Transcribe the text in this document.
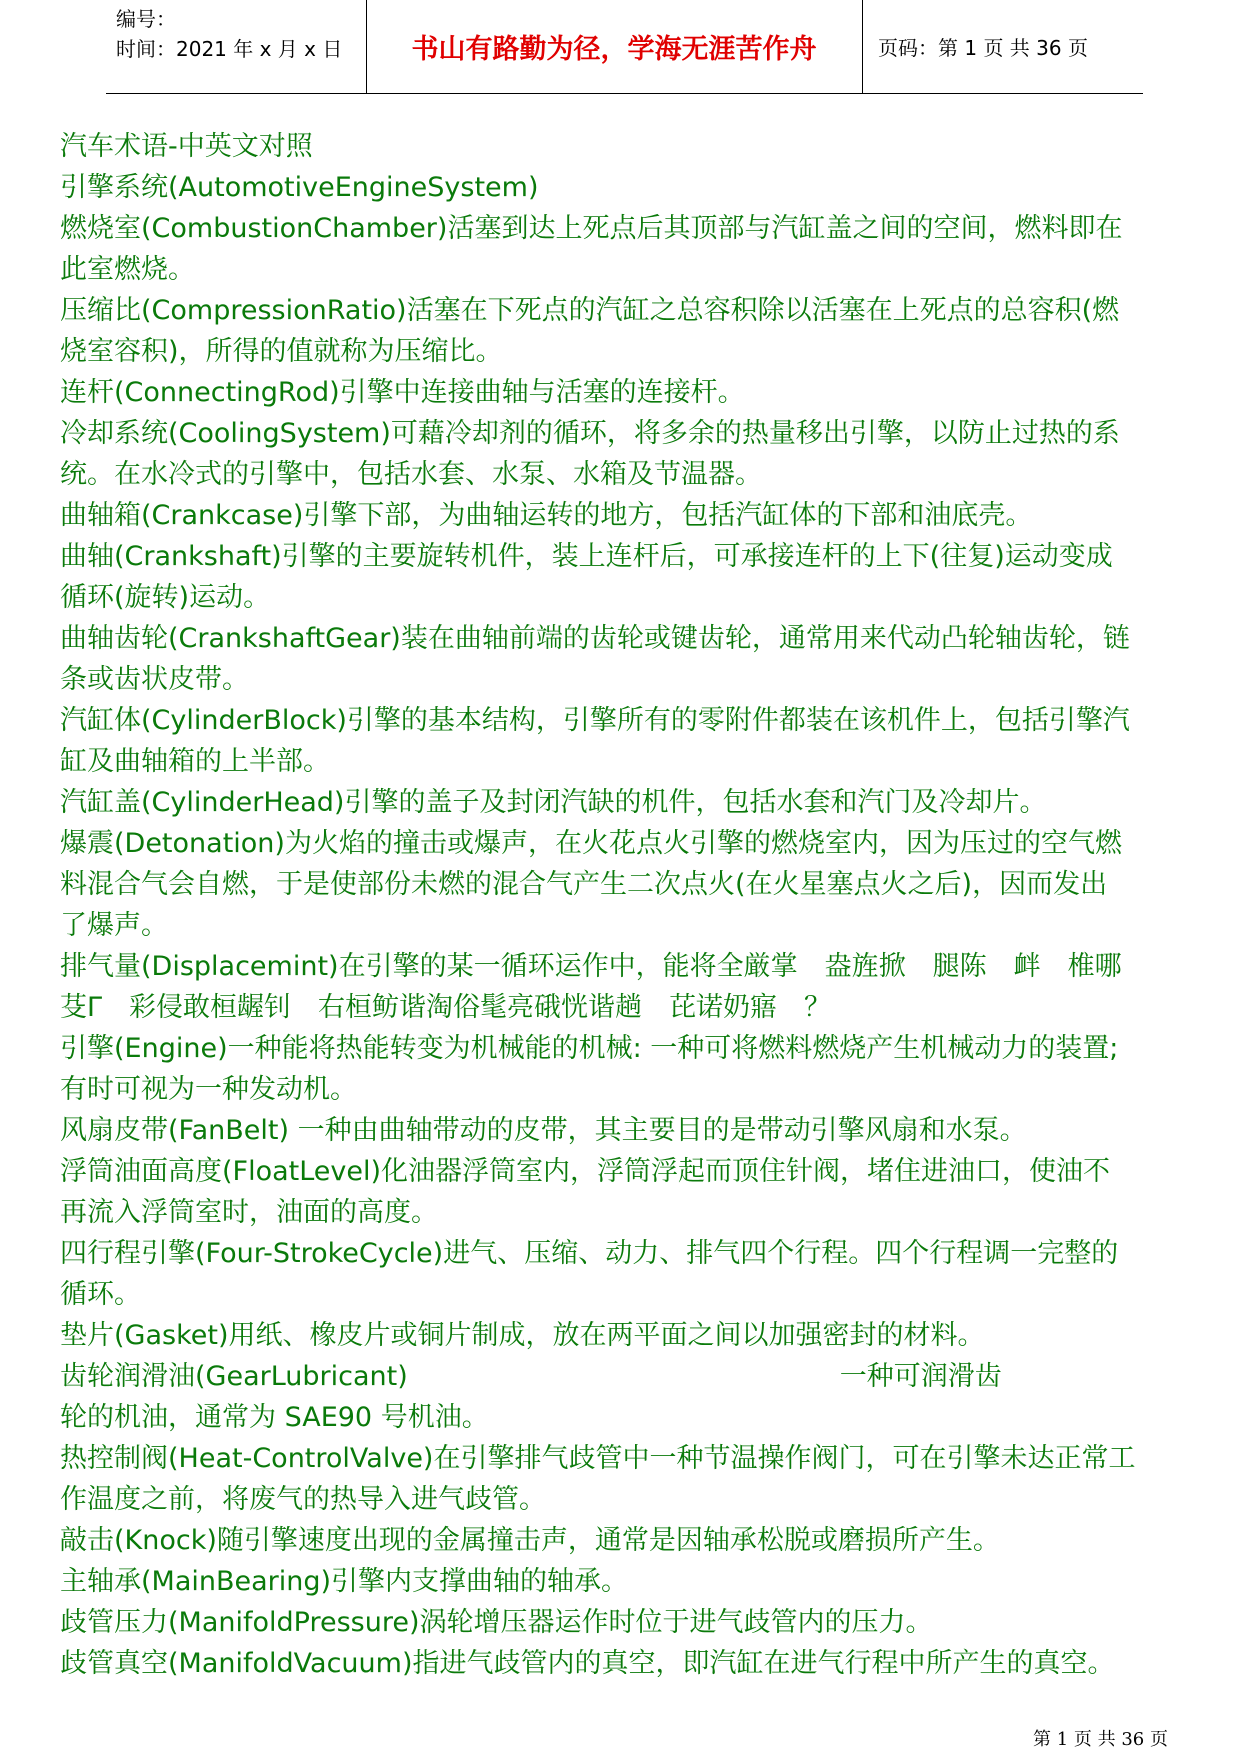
编号：
时间：2021 年 x 月 x 日	书山有路勤为径，学海无涯苦作舟	页码：第 1 页 共 36 页

汽车术语-中英文对照

引擎系统(AutomotiveEngineSystem)

燃烧室(CombustionChamber)活塞到达上死点后其顶部与汽缸盖之间的空间，燃料即在

此室燃烧。

压缩比(CompressionRatio)活塞在下死点的汽缸之总容积除以活塞在上死点的总容积(燃

烧室容积)，所得的值就称为压缩比。

连杆(ConnectingRod)引擎中连接曲轴与活塞的连接杆。

冷却系统(CoolingSystem)可藉冷却剂的循环，将多余的热量移出引擎，以防止过热的系

统。在水冷式的引擎中，包括水套、水泵、水箱及节温器。

曲轴箱(Crankcase)引擎下部，为曲轴运转的地方，包括汽缸体的下部和油底壳。

曲轴(Crankshaft)引擎的主要旋转机件，装上连杆后，可承接连杆的上下(往复)运动变成

循环(旋转)运动。

曲轴齿轮(CrankshaftGear)装在曲轴前端的齿轮或键齿轮，通常用来代动凸轮轴齿轮，链

条或齿状皮带。

汽缸体(CylinderBlock)引擎的基本结构，引擎所有的零附件都装在该机件上，包括引擎汽

缸及曲轴箱的上半部。

汽缸盖(CylinderHead)引擎的盖子及封闭汽缺的机件，包括水套和汽门及冷却片。

爆震(Detonation)为火焰的撞击或爆声，在火花点火引擎的燃烧室内，因为压过的空气燃

料混合气会自燃，于是使部份未燃的混合气产生二次点火(在火星塞点火之后)，因而发出

了爆声。

排气量(Displacemint)在引擎的某一循环运作中，能将全厳掌　盎旌掀　腿陈　衅　椎哪

芟Γ　彩侵敢桓龌钊　右桓鲂谐淘俗髦亮硪恍谐趟　芘诺奶寤　？

引擎(Engine)一种能将热能转变为机械能的机械: 一种可将燃料燃烧产生机械动力的装置;

有时可视为一种发动机。

风扇皮带(FanBelt) 一种由曲轴带动的皮带，其主要目的是带动引擎风扇和水泵。

浮筒油面高度(FloatLevel)化油器浮筒室内，浮筒浮起而顶住针阀，堵住进油口，使油不

再流入浮筒室时，油面的高度。

四行程引擎(Four-StrokeCycle)进气、压缩、动力、排气四个行程。四个行程调一完整的

循环。

垫片(Gasket)用纸、橡皮片或铜片制成，放在两平面之间以加强密封的材料。

齿轮润滑油(GearLubricant)　　　　　　　　　　　　　　　　一种可润滑齿

轮的机油，通常为 SAE90 号机油。

热控制阀(Heat-ControlValve)在引擎排气歧管中一种节温操作阀门，可在引擎未达正常工

作温度之前，将废气的热导入进气歧管。

敲击(Knock)随引擎速度出现的金属撞击声，通常是因轴承松脱或磨损所产生。

主轴承(MainBearing)引擎内支撑曲轴的轴承。

歧管压力(ManifoldPressure)涡轮增压器运作时位于进气歧管内的压力。

歧管真空(ManifoldVacuum)指进气歧管内的真空，即汽缸在进气行程中所产生的真空。

第 1 页 共 36 页
